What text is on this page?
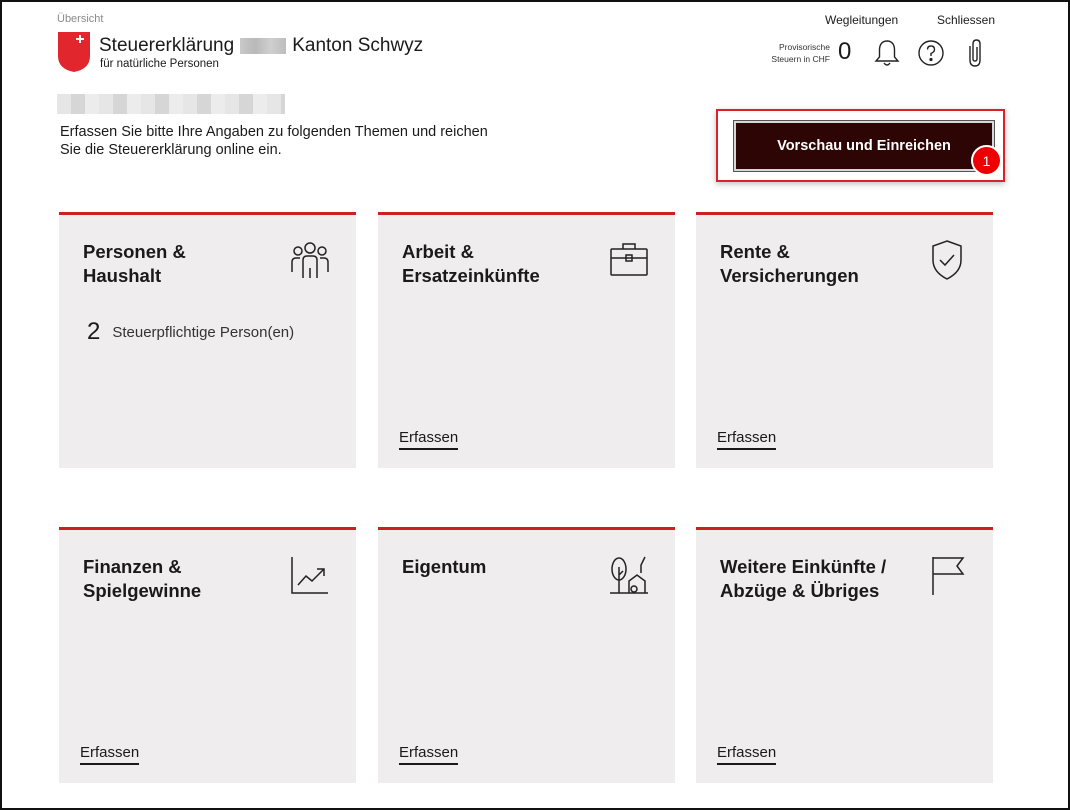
Übersicht
Steuererklärung	Kanton Schwyz
für natürliche Personen
Wegleitungen	Schliessen
Provisorische
Steuern in CHF 0
Erfassen Sie bitte Ihre Angaben zu folgenden Themen und reichen Sie die Steuererklärung online ein.	Vorschau und Einreichen
1
Personen &
Haushalt
2 Steuerpflichtige Person(en)
Arbeit &
Ersatzeinkünfte
Erfassen
Rente &
Versicherungen
Erfassen
Finanzen &
Spielgewinne
Erfassen
Eigentum
Erfassen
Weitere Einkünfte /
Abzüge & Übriges
Erfassen
